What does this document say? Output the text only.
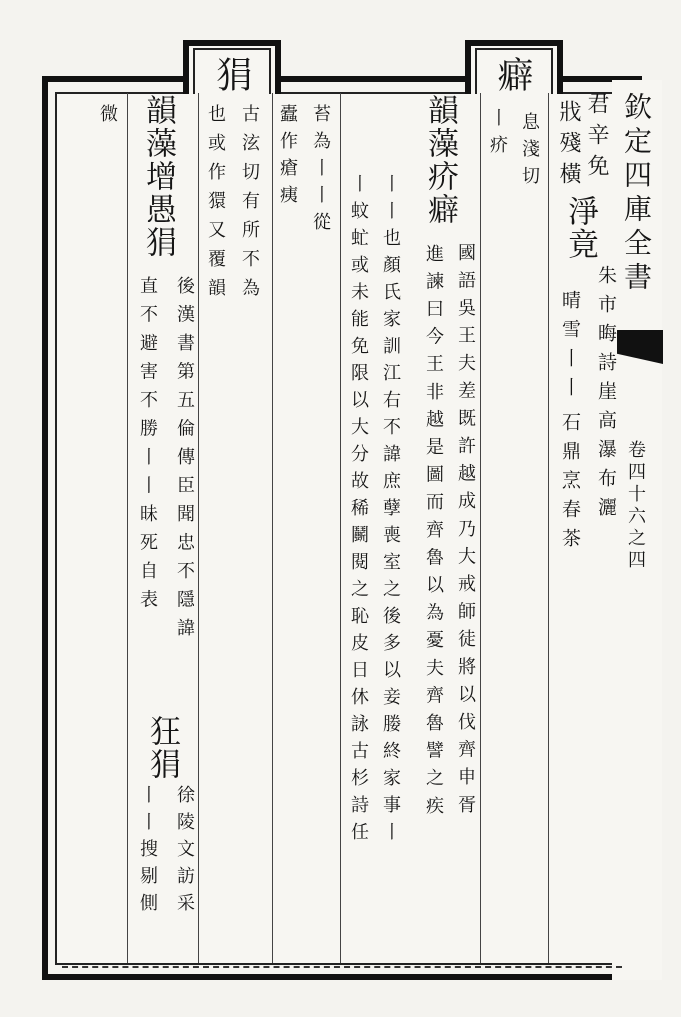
欽定四庫全書
卷四十六之四
君辛免
戕殘橫
淨竟
朱市晦詩崖高瀑布灑
晴雪丨丨
石鼎烹春茶
癖
息淺切
丨疥
韻藻疥癖
國語吳王夫差既許越成乃大戒師徒將以伐齊申胥
進諫曰今王非越是圖而齊魯以為憂夫齊魯譬之疾
丨丨也顏氏家訓江右不諱庶孽喪室之後多以妾媵終家事丨
丨蚊虻或未能免限以大分故稀鬭閱之恥皮日休詠古杉詩任
苔為丨丨從
蠹作瘡痍
狷
古泫切有所不為
也或作獧又覆韻
韻藻增愚狷
後漢書第五倫傳臣聞忠不隱諱
直不避害不勝丨丨昧死自表
狂狷
徐陵文訪采
丨丨搜剔側
微
